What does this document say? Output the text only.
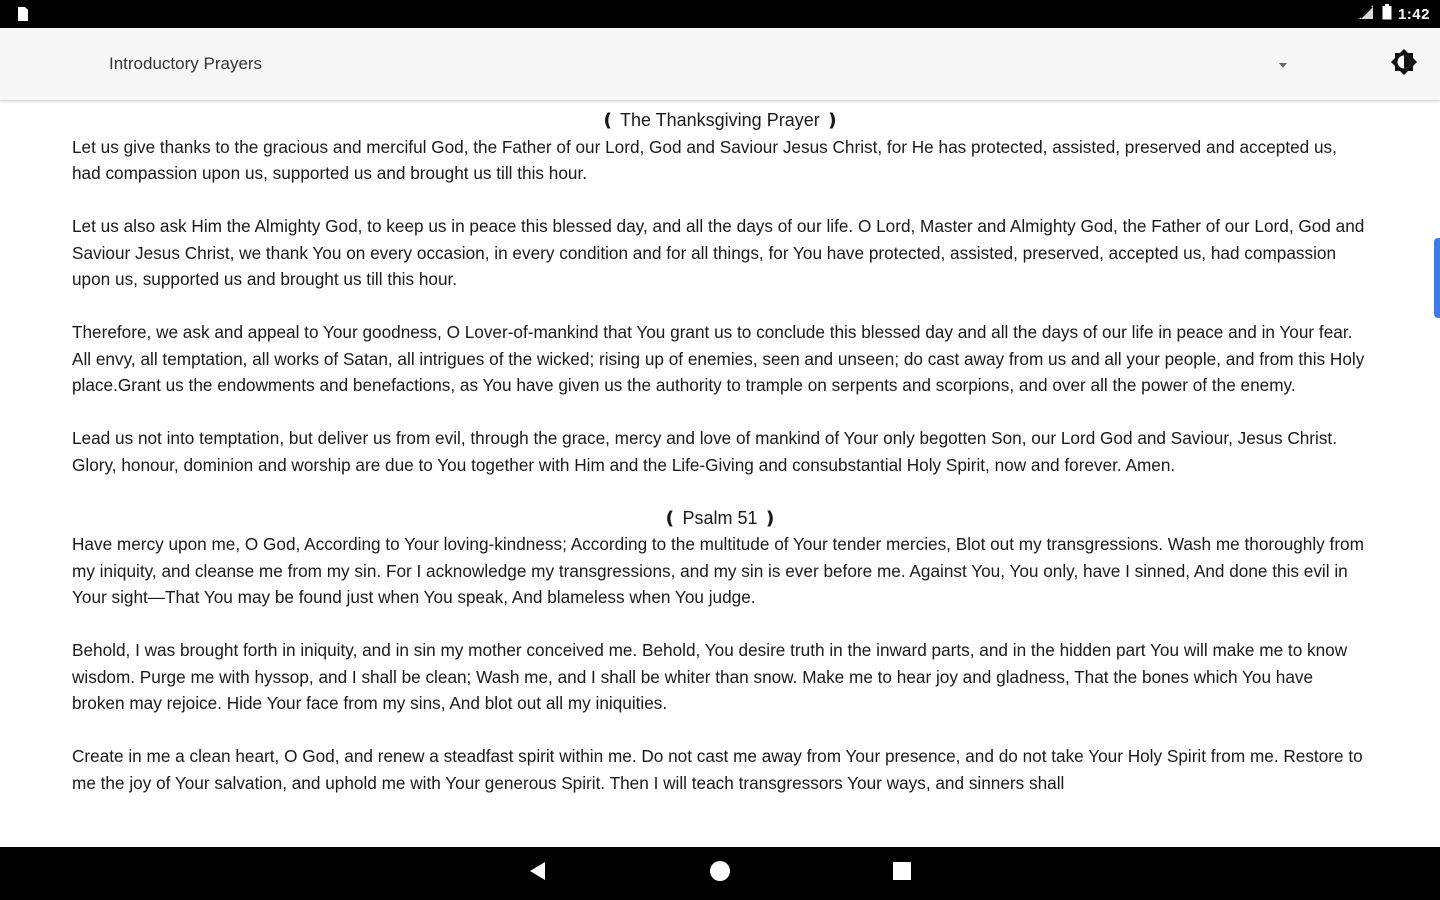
1:42
Introductory Prayers

❪ The Thanksgiving Prayer ❫

Let us give thanks to the gracious and merciful God, the Father of our Lord, God and Saviour Jesus Christ, for He has protected, assisted, preserved and accepted us, had compassion upon us, supported us and brought us till this hour.

Let us also ask Him the Almighty God, to keep us in peace this blessed day, and all the days of our life. O Lord, Master and Almighty God, the Father of our Lord, God and Saviour Jesus Christ, we thank You on every occasion, in every condition and for all things, for You have protected, assisted, preserved, accepted us, had compassion upon us, supported us and brought us till this hour.

Therefore, we ask and appeal to Your goodness, O Lover-of-mankind that You grant us to conclude this blessed day and all the days of our life in peace and in Your fear. All envy, all temptation, all works of Satan, all intrigues of the wicked; rising up of enemies, seen and unseen; do cast away from us and all your people, and from this Holy place.Grant us the endowments and benefactions, as You have given us the authority to trample on serpents and scorpions, and over all the power of the enemy.

Lead us not into temptation, but deliver us from evil, through the grace, mercy and love of mankind of Your only begotten Son, our Lord God and Saviour, Jesus Christ. Glory, honour, dominion and worship are due to You together with Him and the Life-Giving and consubstantial Holy Spirit, now and forever. Amen.

❪ Psalm 51 ❫

Have mercy upon me, O God, According to Your loving-kindness; According to the multitude of Your tender mercies, Blot out my transgressions. Wash me thoroughly from my iniquity, and cleanse me from my sin. For I acknowledge my transgressions, and my sin is ever before me. Against You, You only, have I sinned, And done this evil in Your sight—That You may be found just when You speak, And blameless when You judge.

Behold, I was brought forth in iniquity, and in sin my mother conceived me. Behold, You desire truth in the inward parts, and in the hidden part You will make me to know wisdom. Purge me with hyssop, and I shall be clean; Wash me, and I shall be whiter than snow. Make me to hear joy and gladness, That the bones which You have broken may rejoice. Hide Your face from my sins, And blot out all my iniquities.

Create in me a clean heart, O God, and renew a steadfast spirit within me. Do not cast me away from Your presence, and do not take Your Holy Spirit from me. Restore to me the joy of Your salvation, and uphold me with Your generous Spirit. Then I will teach transgressors Your ways, and sinners shall
